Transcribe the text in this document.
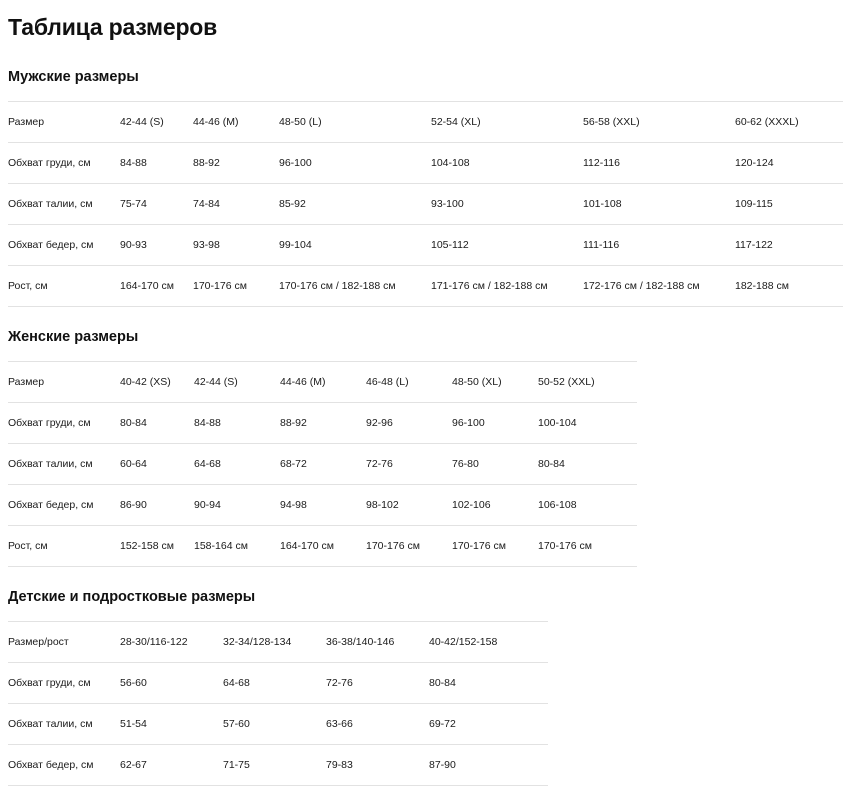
Таблица размеров
Мужские размеры
Размер	42-44 (S)	44-46 (M)	48-50 (L)	52-54 (XL)	56-58 (XXL)	60-62 (XXXL)
Обхват груди, см	84-88	88-92	96-100	104-108	112-116	120-124
Обхват талии, см	75-74	74-84	85-92	93-100	101-108	109-115
Обхват бедер, см	90-93	93-98	99-104	105-112	111-116	117-122
Рост, см	164-170 см	170-176 см	170-176 см / 182-188 см	171-176 см / 182-188 см	172-176 см / 182-188 см	182-188 см
Женские размеры
Размер	40-42 (XS)	42-44 (S)	44-46 (M)	46-48 (L)	48-50 (XL)	50-52 (XXL)
Обхват груди, см	80-84	84-88	88-92	92-96	96-100	100-104
Обхват талии, см	60-64	64-68	68-72	72-76	76-80	80-84
Обхват бедер, см	86-90	90-94	94-98	98-102	102-106	106-108
Рост, см	152-158 см	158-164 см	164-170 см	170-176 см	170-176 см	170-176 см
Детские и подростковые размеры
Размер/рост	28-30/116-122	32-34/128-134	36-38/140-146	40-42/152-158
Обхват груди, см	56-60	64-68	72-76	80-84
Обхват талии, см	51-54	57-60	63-66	69-72
Обхват бедер, см	62-67	71-75	79-83	87-90
